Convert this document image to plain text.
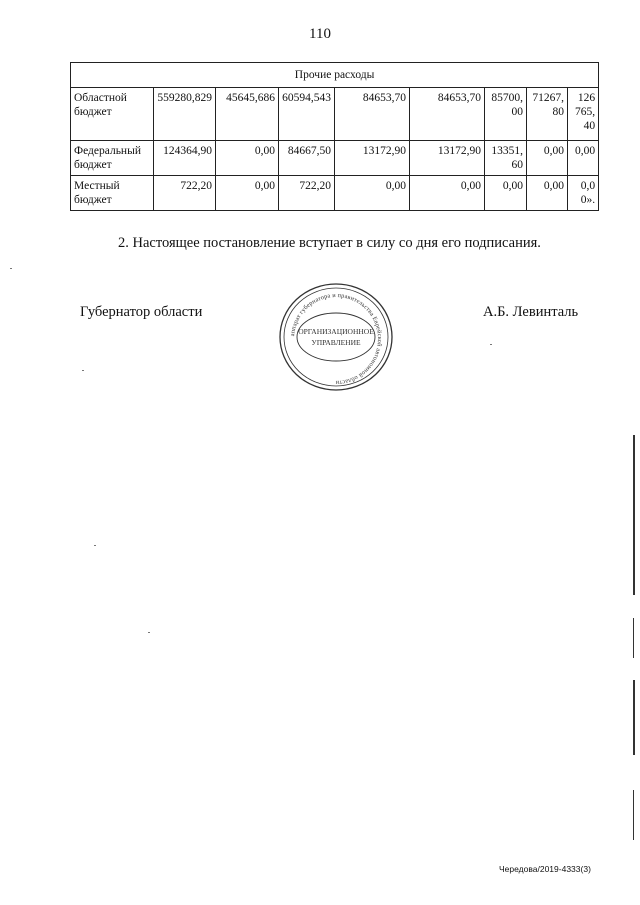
110
Прочие расходы								
Областной бюджет	559280,829	45645,686	60594,543	84653,70	84653,70	85700,00	71267,80	126 765,40
Федеральный бюджет	124364,90	0,00	84667,50	13172,90	13172,90	13351,60	0,00	0,00
Местный бюджет	722,20	0,00	722,20	0,00	0,00	0,00	0,00	0,00».
2. Настоящее постановление вступает в силу со дня его подписания.
Губернатор области	А.Б. Левинталь
аппарат губернатора и правительства Еврейской автономной области
ОРГАНИЗАЦИОННОЕ
УПРАВЛЕНИЕ
Чередова/2019-4333(3)
